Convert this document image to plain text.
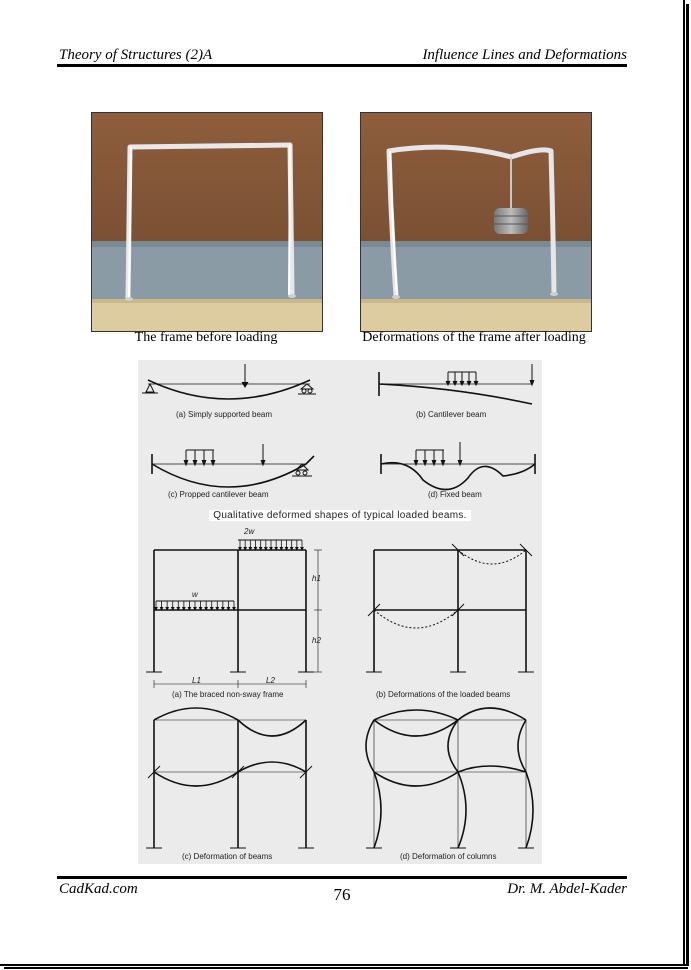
Theory of Structures (2)A	Influence Lines and Deformations
The frame before loading	Deformations of the frame after loading
(a) Simply supported beam	(b) Cantilever beam
(c) Propped cantilever beam	(d) Fixed beam
Qualitative deformed shapes of typical loaded beams.
2w
w
h1
h2
L1	L2
(a) The braced non-sway frame	(b) Deformations of the loaded beams
(c) Deformation of beams	(d) Deformation of columns
CadKad.com	76	Dr. M. Abdel-Kader
